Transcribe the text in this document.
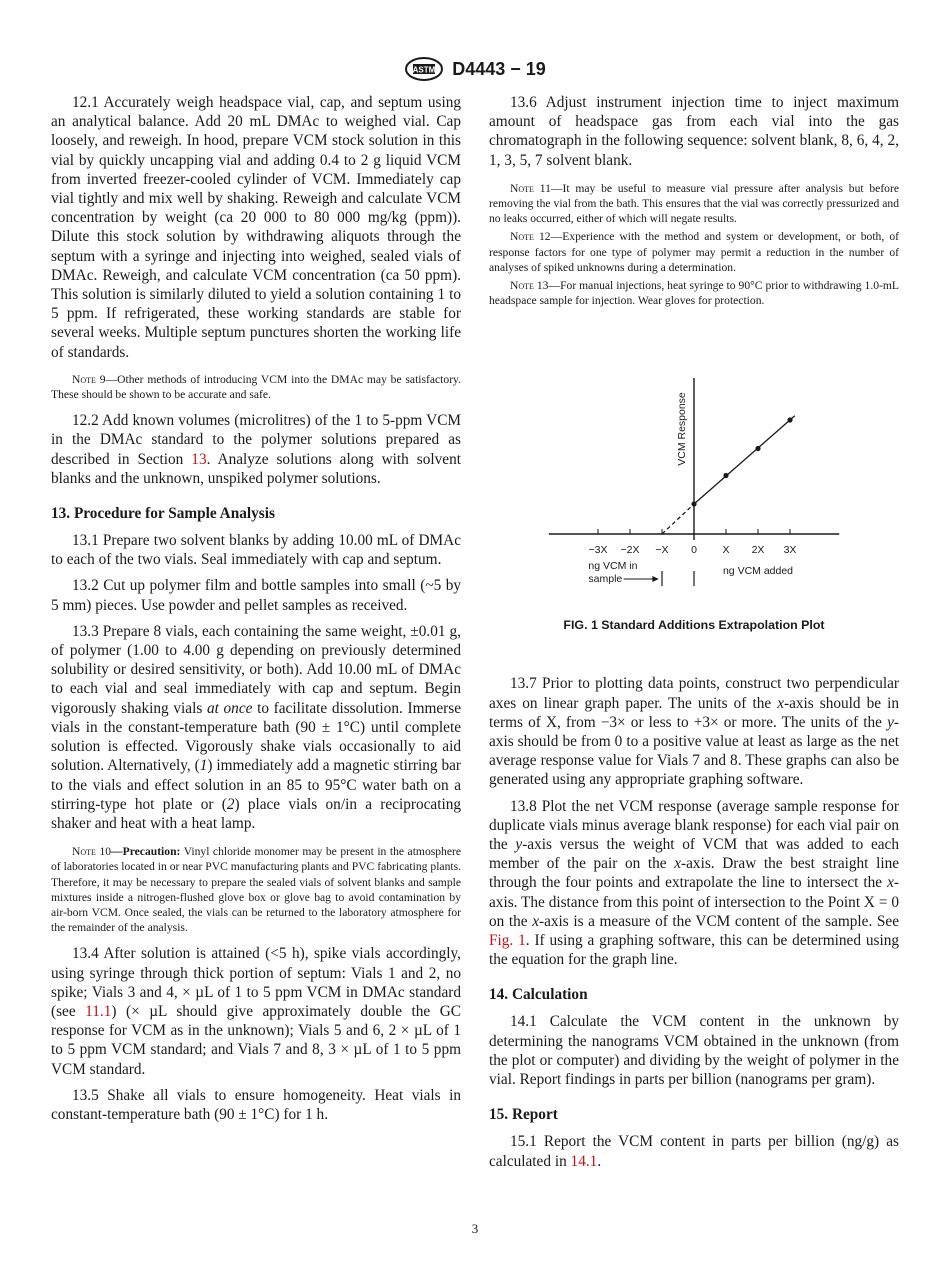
ASTM D4443 − 19

12.1 Accurately weigh headspace vial, cap, and septum using an analytical balance. Add 20 mL DMAc to weighed vial. Cap loosely, and reweigh. In hood, prepare VCM stock solution in this vial by quickly uncapping vial and adding 0.4 to 2 g liquid VCM from inverted freezer-cooled cylinder of VCM. Immediately cap vial tightly and mix well by shaking. Reweigh and calculate VCM concentration by weight (ca 20 000 to 80 000 mg/kg (ppm)). Dilute this stock solution by withdrawing aliquots through the septum with a syringe and injecting into weighed, sealed vials of DMAc. Reweigh, and calculate VCM concentration (ca 50 ppm). This solution is similarly diluted to yield a solution containing 1 to 5 ppm. If refrigerated, these working standards are stable for several weeks. Multiple septum punctures shorten the working life of standards.

Note 9—Other methods of introducing VCM into the DMAc may be satisfactory. These should be shown to be accurate and safe.

12.2 Add known volumes (microlitres) of the 1 to 5-ppm VCM in the DMAc standard to the polymer solutions prepared as described in Section 13. Analyze solutions along with solvent blanks and the unknown, unspiked polymer solutions.

13. Procedure for Sample Analysis

13.1 Prepare two solvent blanks by adding 10.00 mL of DMAc to each of the two vials. Seal immediately with cap and septum.

13.2 Cut up polymer film and bottle samples into small (~5 by 5 mm) pieces. Use powder and pellet samples as received.

13.3 Prepare 8 vials, each containing the same weight, ±0.01 g, of polymer (1.00 to 4.00 g depending on previously determined solubility or desired sensitivity, or both). Add 10.00 mL of DMAc to each vial and seal immediately with cap and septum. Begin vigorously shaking vials at once to facilitate dissolution. Immerse vials in the constant-temperature bath (90 ± 1°C) until complete solution is effected. Vigorously shake vials occasionally to aid solution. Alternatively, (1) immediately add a magnetic stirring bar to the vials and effect solution in an 85 to 95°C water bath on a stirring-type hot plate or (2) place vials on/in a reciprocating shaker and heat with a heat lamp.

Note 10—Precaution: Vinyl chloride monomer may be present in the atmosphere of laboratories located in or near PVC manufacturing plants and PVC fabricating plants. Therefore, it may be necessary to prepare the sealed vials of solvent blanks and sample mixtures inside a nitrogen-flushed glove box or glove bag to avoid contamination by air-born VCM. Once sealed, the vials can be returned to the laboratory atmosphere for the remainder of the analysis.

13.4 After solution is attained (<5 h), spike vials accordingly, using syringe through thick portion of septum: Vials 1 and 2, no spike; Vials 3 and 4, × µL of 1 to 5 ppm VCM in DMAc standard (see 11.1) (× µL should give approximately double the GC response for VCM as in the unknown); Vials 5 and 6, 2 × µL of 1 to 5 ppm VCM standard; and Vials 7 and 8, 3 × µL of 1 to 5 ppm VCM standard.

13.5 Shake all vials to ensure homogeneity. Heat vials in constant-temperature bath (90 ± 1°C) for 1 h.

13.6 Adjust instrument injection time to inject maximum amount of headspace gas from each vial into the gas chromatograph in the following sequence: solvent blank, 8, 6, 4, 2, 1, 3, 5, 7 solvent blank.

Note 11—It may be useful to measure vial pressure after analysis but before removing the vial from the bath. This ensures that the vial was correctly pressurized and no leaks occurred, either of which will negate results.

Note 12—Experience with the method and system or development, or both, of response factors for one type of polymer may permit a reduction in the number of analyses of spiked unknowns during a determination.

Note 13—For manual injections, heat syringe to 90°C prior to withdrawing 1.0-mL headspace sample for injection. Wear gloves for protection.

−3X −2X −X 0 X 2X 3X
VCM Response
ng VCM added
ng VCM in
sample
FIG. 1 Standard Additions Extrapolation Plot

13.7 Prior to plotting data points, construct two perpendicular axes on linear graph paper. The units of the x-axis should be in terms of X, from −3× or less to +3× or more. The units of the y-axis should be from 0 to a positive value at least as large as the net average response value for Vials 7 and 8. These graphs can also be generated using any appropriate graphing software.

13.8 Plot the net VCM response (average sample response for duplicate vials minus average blank response) for each vial pair on the y-axis versus the weight of VCM that was added to each member of the pair on the x-axis. Draw the best straight line through the four points and extrapolate the line to intersect the x-axis. The distance from this point of intersection to the Point X = 0 on the x-axis is a measure of the VCM content of the sample. See Fig. 1. If using a graphing software, this can be determined using the equation for the graph line.

14. Calculation

14.1 Calculate the VCM content in the unknown by determining the nanograms VCM obtained in the unknown (from the plot or computer) and dividing by the weight of polymer in the vial. Report findings in parts per billion (nanograms per gram).

15. Report

15.1 Report the VCM content in parts per billion (ng/g) as calculated in 14.1.

3
